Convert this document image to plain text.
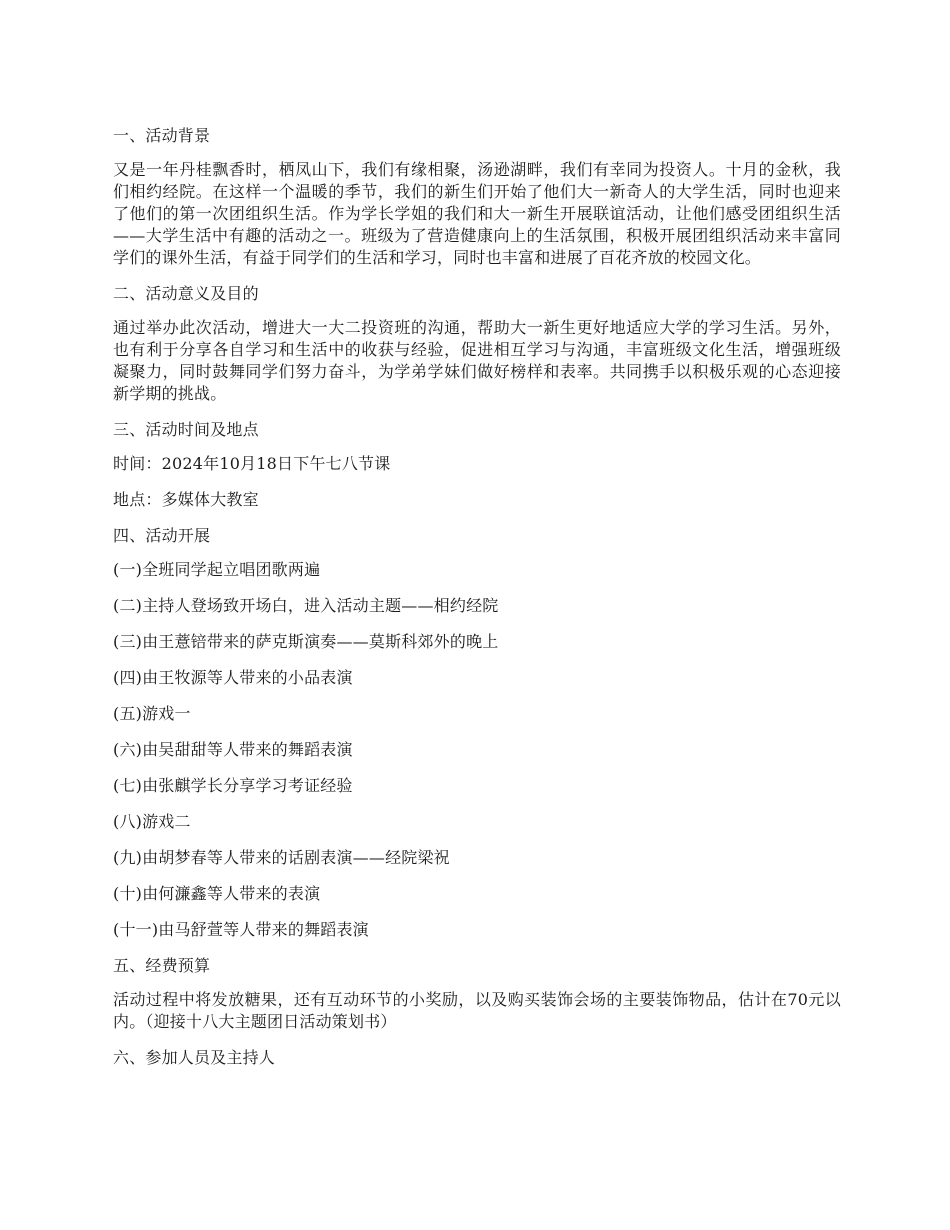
一、活动背景
又是一年丹桂飘香时，栖凤山下，我们有缘相聚，汤逊湖畔，我们有幸同为投资人。十月的金秋，我们相约经院。在这样一个温暖的季节，我们的新生们开始了他们大一新奇人的大学生活，同时也迎来了他们的第一次团组织生活。作为学长学姐的我们和大一新生开展联谊活动，让他们感受团组织生活——大学生活中有趣的活动之一。班级为了营造健康向上的生活氛围，积极开展团组织活动来丰富同学们的课外生活，有益于同学们的生活和学习，同时也丰富和进展了百花齐放的校园文化。
二、活动意义及目的
通过举办此次活动，增进大一大二投资班的沟通，帮助大一新生更好地适应大学的学习生活。另外，也有利于分享各自学习和生活中的收获与经验，促进相互学习与沟通，丰富班级文化生活，增强班级凝聚力，同时鼓舞同学们努力奋斗，为学弟学妹们做好榜样和表率。共同携手以积极乐观的心态迎接新学期的挑战。
三、活动时间及地点
时间：2024年10月18日下午七八节课
地点：多媒体大教室
四、活动开展
(一)全班同学起立唱团歌两遍
(二)主持人登场致开场白，进入活动主题——相约经院
(三)由王薏锫带来的萨克斯演奏——莫斯科郊外的晚上
(四)由王牧源等人带来的小品表演
(五)游戏一
(六)由吴甜甜等人带来的舞蹈表演
(七)由张麒学长分享学习考证经验
(八)游戏二
(九)由胡梦春等人带来的话剧表演——经院梁祝
(十)由何濂鑫等人带来的表演
(十一)由马舒萱等人带来的舞蹈表演
五、经费预算
活动过程中将发放糖果，还有互动环节的小奖励，以及购买装饰会场的主要装饰物品，估计在70元以内。（迎接十八大主题团日活动策划书）
六、参加人员及主持人
